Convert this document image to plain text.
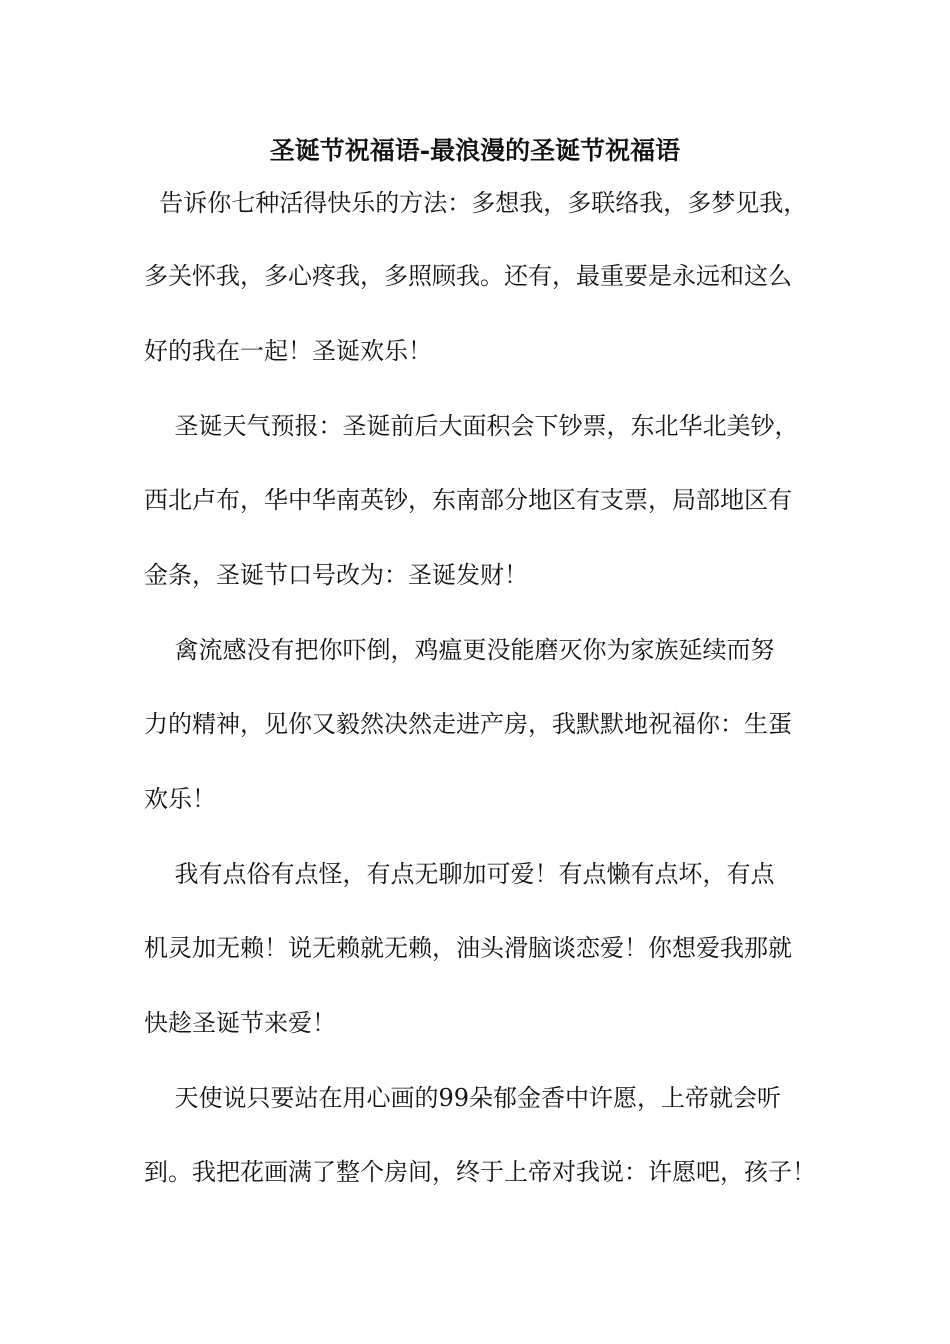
圣诞节祝福语-最浪漫的圣诞节祝福语
告诉你七种活得快乐的方法：多想我，多联络我，多梦见我，
多关怀我，多心疼我，多照顾我。还有，最重要是永远和这么
好的我在一起！圣诞欢乐！
圣诞天气预报：圣诞前后大面积会下钞票，东北华北美钞，
西北卢布，华中华南英钞，东南部分地区有支票，局部地区有
金条，圣诞节口号改为：圣诞发财！
禽流感没有把你吓倒，鸡瘟更没能磨灭你为家族延续而努
力的精神，见你又毅然决然走进产房，我默默地祝福你：生蛋
欢乐！
我有点俗有点怪，有点无聊加可爱！有点懒有点坏，有点
机灵加无赖！说无赖就无赖，油头滑脑谈恋爱！你想爱我那就
快趁圣诞节来爱！
天使说只要站在用心画的99朵郁金香中许愿，上帝就会听
到。我把花画满了整个房间，终于上帝对我说：许愿吧，孩子！
